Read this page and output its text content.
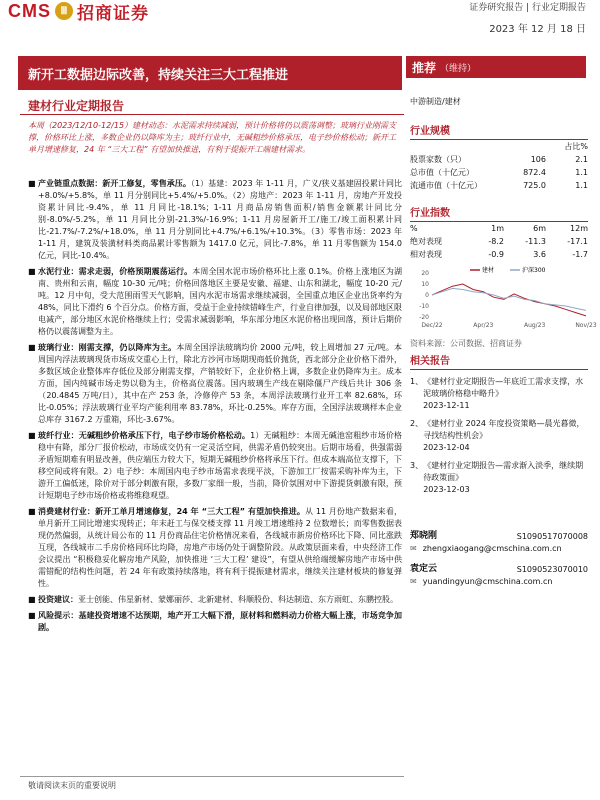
CMS Ⅲ 招商证券	证券研究报告 | 行业定期报告
2023 年 12 月 18 日
新开工数据边际改善，持续关注三大工程推进	推荐 （维持）
建材行业定期报告
本周（2023/12/10-12/15）建材动态：水泥需求持续减弱，预计价格将仍以震荡调整；玻璃行业刚需支撑，价格环比上涨，多数企业仍以降库为主；玻纤行业中，无碱粗纱价格承压，电子纱价格松动；新开工单月增速修复，24 年 “三大工程” 有望加快推进，有利于提振开工端建材需求。
■ 产业链重点数据：新开工修复，零售承压。（1）基建：2023 年 1-11 月，广义/狭义基建固投累计同比+8.0%/+5.8%，单 11 月分别同比+5.4%/+5.0%。（2）房地产：2023 年 1-11 月，房地产开发投资累计同比-9.4%，单 11 月同比-18.1%；1-11 月商品房销售面积/销售金额累计同比分别-8.0%/-5.2%，单 11 月同比分别-21.3%/-16.9%；1-11 月房屋新开工/施工/竣工面积累计同比-21.7%/-7.2%/+18.0%，单 11 月分别同比+4.7%/+6.1%/+10.3%。（3）零售市场：2023 年 1-11 月，建筑及装潢材料类商品累计零售额为 1417.0 亿元，同比-7.8%，单 11 月零售额为 154.0 亿元，同比-10.4%。
■ 水泥行业：需求走弱，价格预期震荡运行。本周全国水泥市场价格环比上涨 0.1%。价格上涨地区为湖南、贵州和云南，幅度 10-30 元/吨；价格回落地区主要是安徽、福建、山东和湖北，幅度 10-20 元/吨。12 月中旬，受大范围雨雪天气影响，国内水泥市场需求继续减弱，全国重点地区企业出货率约为 48%，同比下滑约 6 个百分点。价格方面，受益于企业持续错峰生产，行业自律加强，以及局部地区限电减产，部分地区水泥价格继续上行；受需求减弱影响，华东部分地区水泥价格出现回落，预计后期价格仍以震荡调整为主。
■ 玻璃行业：刚需支撑，仍以降库为主。本周全国浮法玻璃均价 2000 元/吨，较上周增加 27 元/吨。本周国内浮法玻璃现货市场成交重心上行，除北方沙河市场期现商低价抛货，西北部分企业价格下滑外，多数区域企业整体库存低位及部分刚需支撑，产销较好下，企业价格上调，多数企业仍降库为主。成本方面，国内纯碱市场走势以稳为主，价格高位震荡。国内玻璃生产线在剔除僵尸产线后共计 306 条（20.4845 万吨/日），其中在产 253 条，冷修停产 53 条，本周浮法玻璃行业开工率 82.68%，环比-0.05%；浮法玻璃行业平均产能利用率 83.78%，环比-0.25%。库存方面，全国浮法玻璃样本企业总库存 3167.2 万重箱，环比-3.67%。
■ 玻纤行业：无碱粗纱价格承压下行，电子纱市场价格松动。1）无碱粗纱：本周无碱池窑粗纱市场价格稳中有降，部分厂报价松动，市场成交仍有一定灵活空间，供需矛盾仍较突出。后期市场看，供强需弱矛盾短期难有明显改善，供应端压力较大下，短期无碱粗纱价格将承压下行。但成本端高位支撑下，下移空间或将有限。2）电子纱：本周国内电子纱市场需求表现平淡，下游加工厂按需采购补库为主，下游开工偏低迷，除价对于部分刺激有限，多数厂家细一般，当前，降价氛围对中下游提货刺激有限，预计短期电子纱市场价格或将维稳观望。
■ 消费建材行业：新开工单月增速修复，24 年 “三大工程” 有望加快推进。从 11 月份地产数据来看，单月新开工同比增速实现转正；年末赶工与保交楼支撑 11 月竣工增速维持 2 位数增长；而零售数据表现仍然偏弱，从统计局公布的 11 月份商品住宅价格情况来看，各线城市新房价格环比下降、同比涨跌互现，各线城市二手房价格同环比均降，房地产市场仍处于调整阶段。从政策层面来看，中央经济工作会议提出 “积极稳妥化解房地产风险，加快推进 ‘三大工程’ 建设”，有望从供给端缓解房地产市场中供需错配的结构性问题，若 24 年有政策持续落地，将有利于提振建材需求，继续关注建材板块的修复弹性。
■ 投资建议：亚士创能、伟星新材、蒙娜丽莎、北新建材、科顺股份、科达制造、东方雨虹、东鹏控股。
■ 风险提示：基建投资增速不达预期，地产开工大幅下滑，原材料和燃料动力价格大幅上涨，市场竞争加剧。
敬请阅读末页的重要说明
中游制造/建材
行业规模
占比%
股票家数（只）	106	2.1
总市值（十亿元）	872.4	1.1
流通市值（十亿元）	725.0	1.1
行业指数
%	1m	6m	12m
绝对表现	-8.2	-11.3	-17.1
相对表现	-0.9	3.6	-1.7
20
10
0
-10
-20
Dec/22	Apr/23	Aug/23	Nov/23
建材	沪深300
资料来源：公司数据、招商证券
相关报告
1、 《建材行业定期报告—年底近工需求支撑，水泥玻璃价格稳中略升》
2023-12-11
2、 《建材行业 2024 年度投资策略—晨光暮微，寻找结构性机会》
2023-12-04
3、 《建材行业定期报告—需求渐入淡季，继续期待政策面》
2023-12-03
郑晓刚	S1090517070008
✉ zhengxiaogang@cmschina.com.cn
袁定云	S1090523070010
✉ yuandingyun@cmschina.com.cn
